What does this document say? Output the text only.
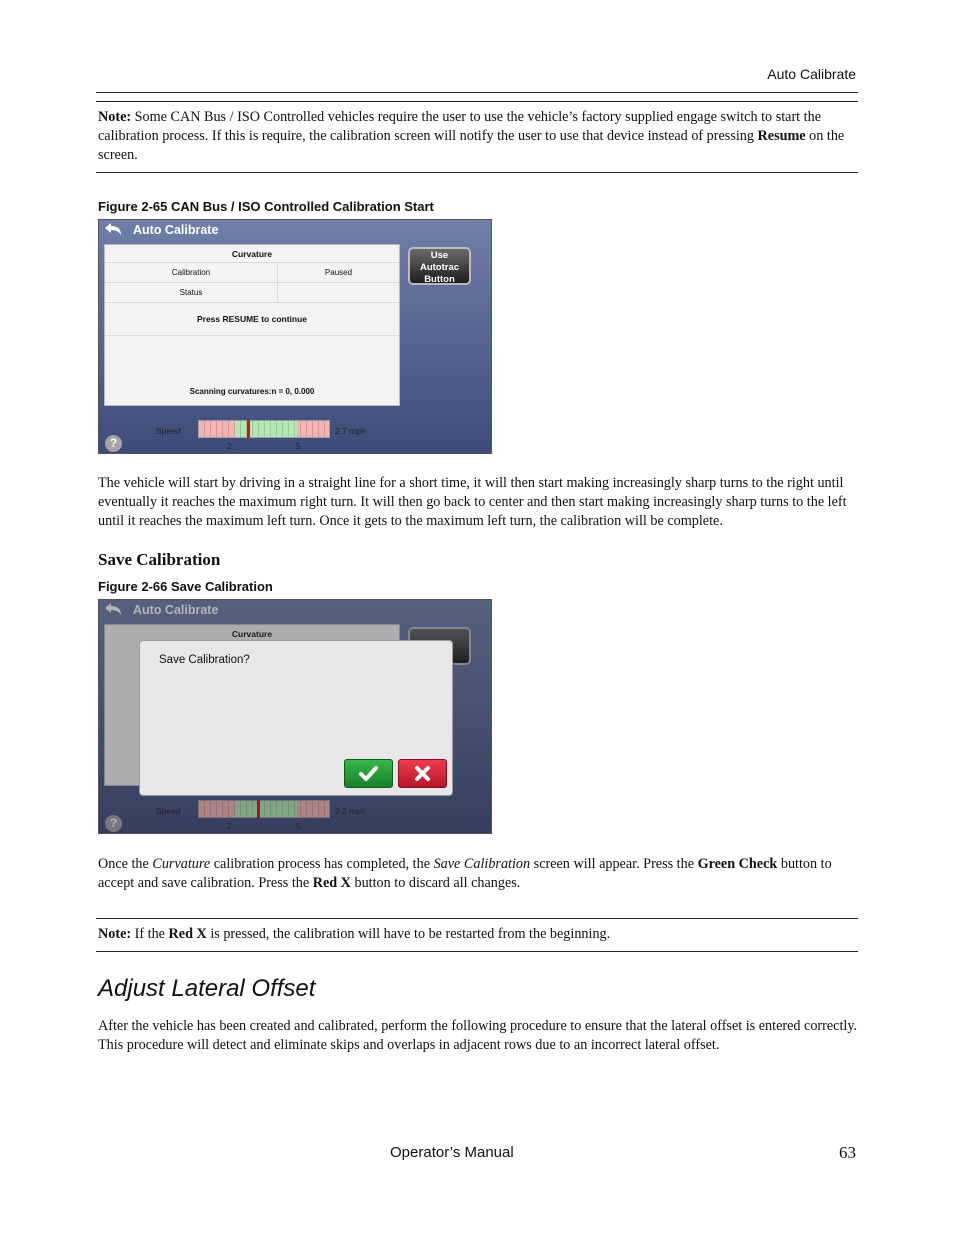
Auto Calibrate
Note: Some CAN Bus / ISO Controlled vehicles require the user to use the vehicle’s factory supplied engage switch to start the calibration process. If this is require, the calibration screen will notify the user to use that device instead of pressing Resume on the screen.
Figure 2-65 CAN Bus / ISO Controlled Calibration Start
Auto Calibrate
Curvature
Calibration	Paused
Status
Press RESUME to continue
Scanning curvatures:n = 0, 0.000
Use
Autotrac
Button
?
Speed	2.7 mph
2	5
The vehicle will start by driving in a straight line for a short time, it will then start making increasingly sharp turns to the right until eventually it reaches the maximum right turn. It will then go back to center and then start making increasingly sharp turns to the left until it reaches the maximum left turn. Once it gets to the maximum left turn, the calibration will be complete.
Save Calibration
Figure 2-66 Save Calibration
Auto Calibrate
Curvature
?
Speed	3.2 mph
2	5
Save Calibration?
Once the Curvature calibration process has completed, the Save Calibration screen will appear. Press the Green Check button to accept and save calibration. Press the Red X button to discard all changes.
Note: If the Red X is pressed, the calibration will have to be restarted from the beginning.
Adjust Lateral Offset
After the vehicle has been created and calibrated, perform the following procedure to ensure that the lateral offset is entered correctly. This procedure will detect and eliminate skips and overlaps in adjacent rows due to an incorrect lateral offset.
Operator’s Manual	63
